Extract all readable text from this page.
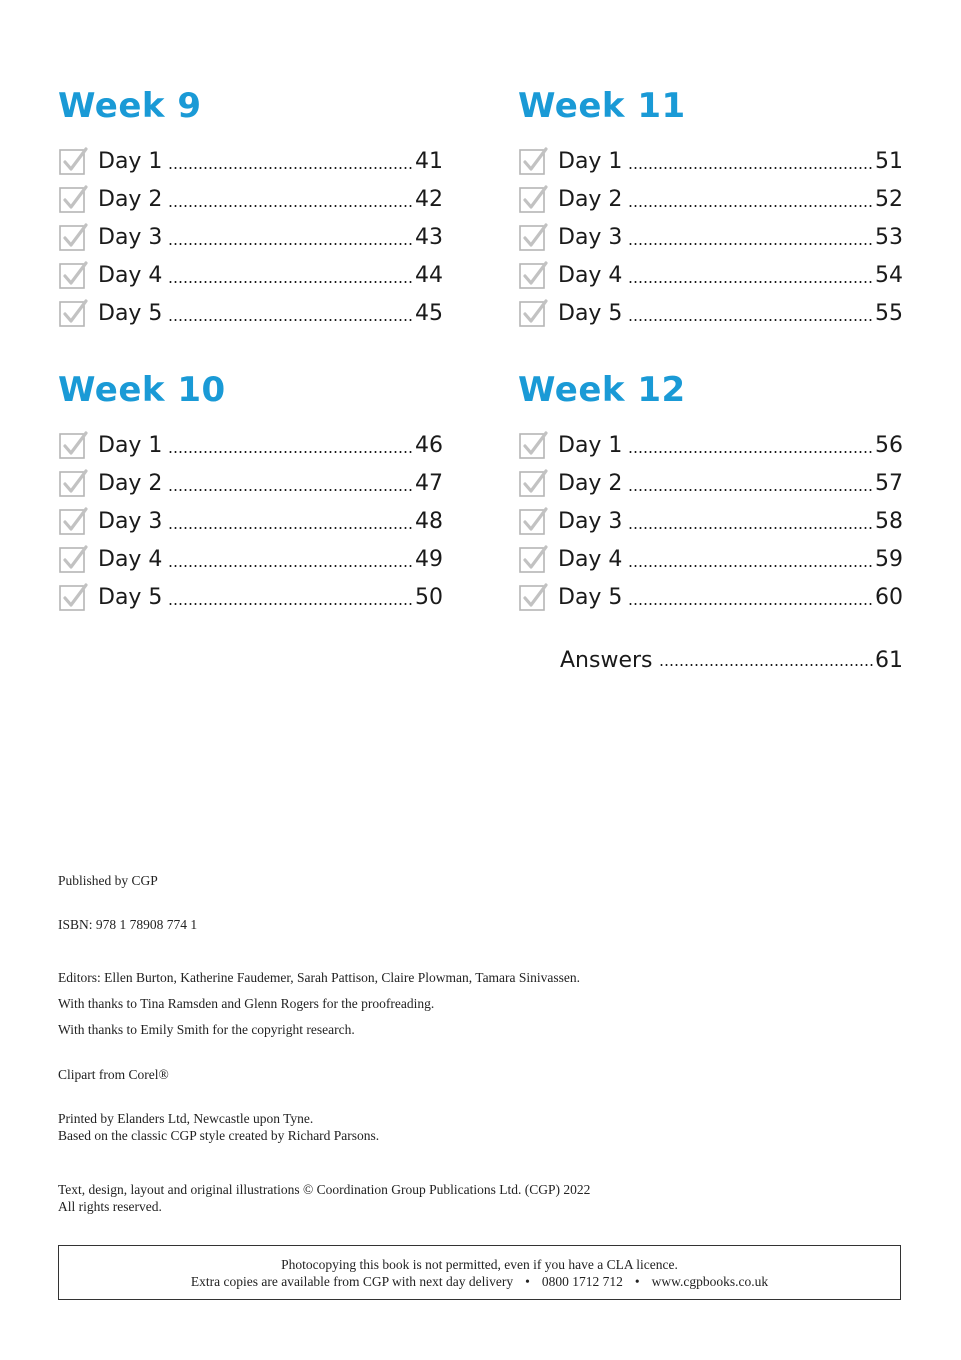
Week 9
Day 1	41
Day 2	42
Day 3	43
Day 4	44
Day 5	45
Week 11
Day 1	51
Day 2	52
Day 3	53
Day 4	54
Day 5	55
Week 10
Day 1	46
Day 2	47
Day 3	48
Day 4	49
Day 5	50
Week 12
Day 1	56
Day 2	57
Day 3	58
Day 4	59
Day 5	60
Answers	61

Published by CGP

ISBN: 978 1 78908 774 1

Editors: Ellen Burton, Katherine Faudemer, Sarah Pattison, Claire Plowman, Tamara Sinivassen.

With thanks to Tina Ramsden and Glenn Rogers for the proofreading.

With thanks to Emily Smith for the copyright research.

Clipart from Corel®

Printed by Elanders Ltd, Newcastle upon Tyne.

Based on the classic CGP style created by Richard Parsons.

Text, design, layout and original illustrations © Coordination Group Publications Ltd. (CGP) 2022

All rights reserved.

Photocopying this book is not permitted, even if you have a CLA licence.
Extra copies are available from CGP with next day delivery • 0800 1712 712 • www.cgpbooks.co.uk
